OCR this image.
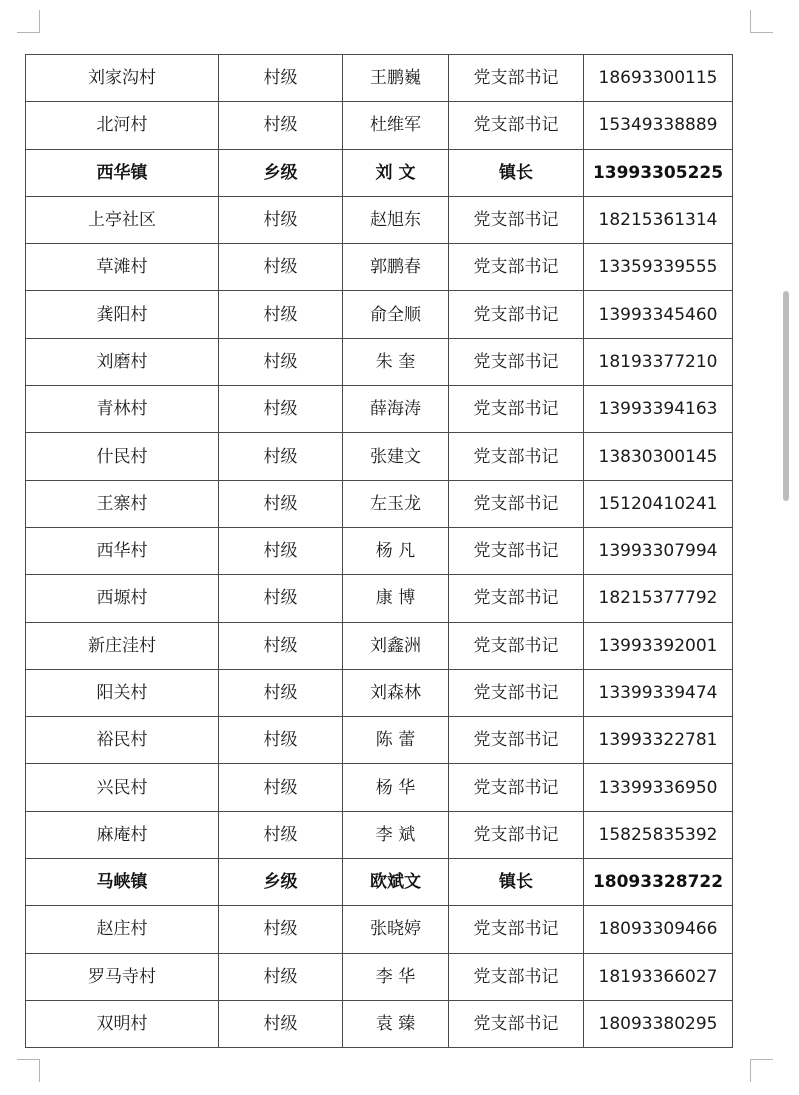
刘家沟村	村级	王鹏巍	党支部书记	18693300115
北河村	村级	杜维军	党支部书记	15349338889
西华镇	乡级	刘 文	镇长	13993305225
上亭社区	村级	赵旭东	党支部书记	18215361314
草滩村	村级	郭鹏春	党支部书记	13359339555
龚阳村	村级	俞全顺	党支部书记	13993345460
刘磨村	村级	朱 奎	党支部书记	18193377210
青林村	村级	薛海涛	党支部书记	13993394163
什民村	村级	张建文	党支部书记	13830300145
王寨村	村级	左玉龙	党支部书记	15120410241
西华村	村级	杨 凡	党支部书记	13993307994
西塬村	村级	康 博	党支部书记	18215377792
新庄洼村	村级	刘鑫洲	党支部书记	13993392001
阳关村	村级	刘森林	党支部书记	13399339474
裕民村	村级	陈 蕾	党支部书记	13993322781
兴民村	村级	杨 华	党支部书记	13399336950
麻庵村	村级	李 斌	党支部书记	15825835392
马峡镇	乡级	欧斌文	镇长	18093328722
赵庄村	村级	张晓婷	党支部书记	18093309466
罗马寺村	村级	李 华	党支部书记	18193366027
双明村	村级	袁 臻	党支部书记	18093380295
